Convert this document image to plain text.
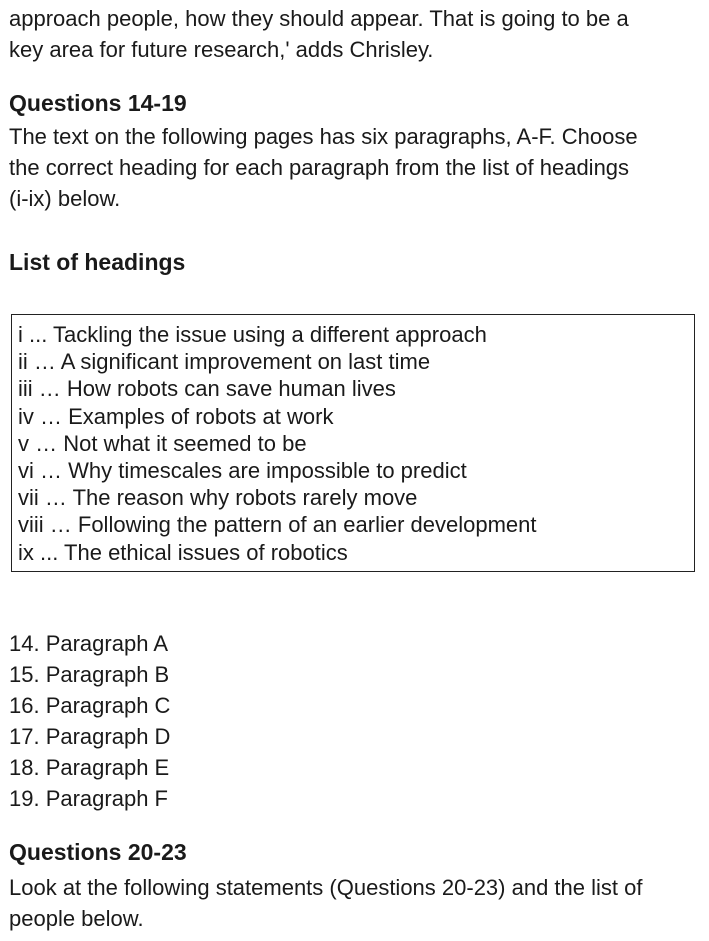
approach people, how they should appear. That is going to be a

key area for future research,' adds Chrisley.

Questions 14-19

The text on the following pages has six paragraphs, A-F. Choose

the correct heading for each paragraph from the list of headings

(i-ix) below.

List of headings

i ... Tackling the issue using a different approach

ii … A significant improvement on last time

iii … How robots can save human lives

iv … Examples of robots at work

v … Not what it seemed to be

vi … Why timescales are impossible to predict

vii … The reason why robots rarely move

viii … Following the pattern of an earlier development

ix ... The ethical issues of robotics

14. Paragraph A

15. Paragraph B

16. Paragraph C

17. Paragraph D

18. Paragraph E

19. Paragraph F

Questions 20-23

Look at the following statements (Questions 20-23) and the list of

people below.
